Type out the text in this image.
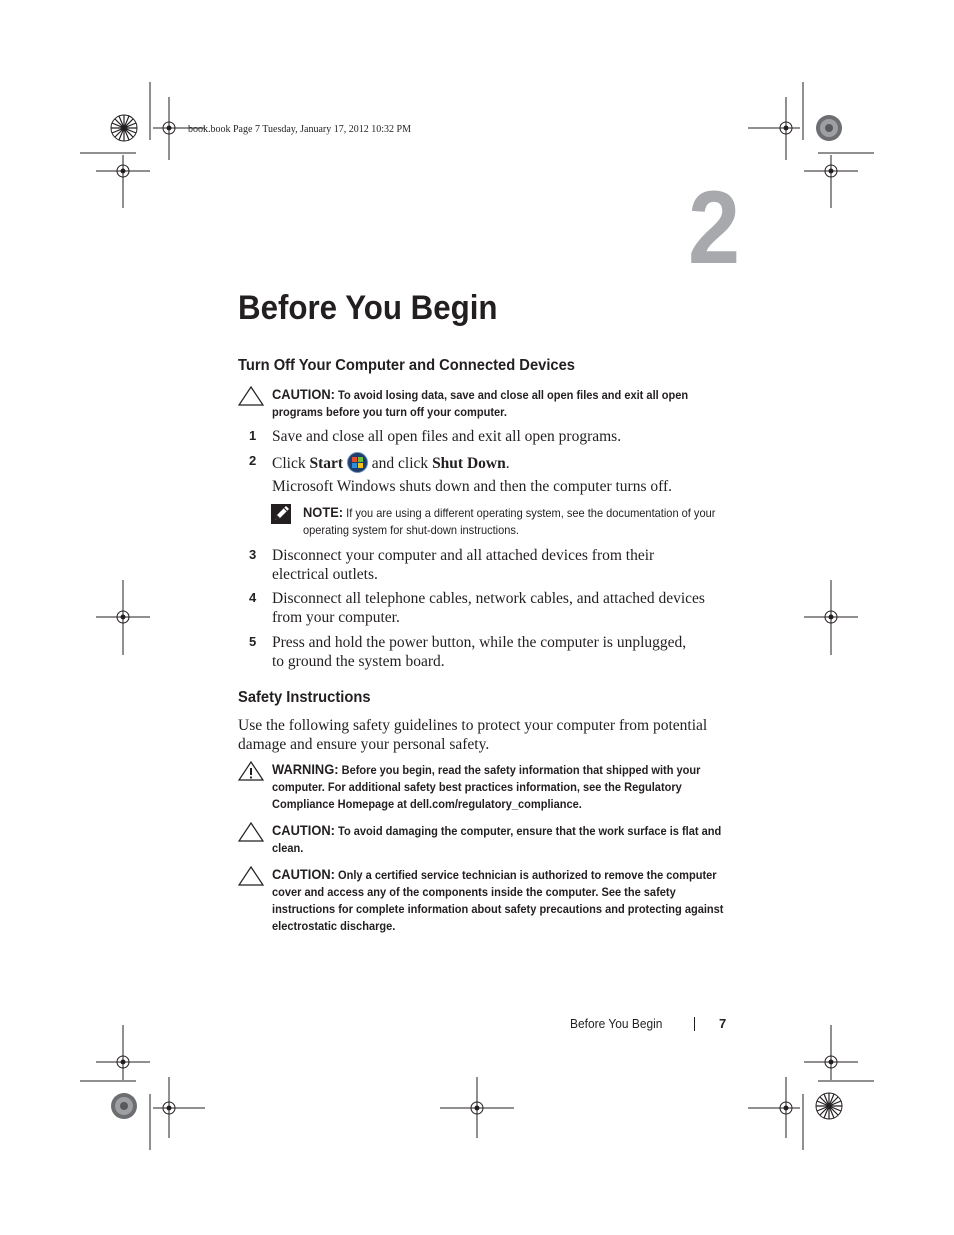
book.book Page 7 Tuesday, January 17, 2012 10:32 PM
2
Before You Begin
Turn Off Your Computer and Connected Devices
CAUTION: To avoid losing data, save and close all open files and exit all open programs before you turn off your computer.
1 Save and close all open files and exit all open programs.
2 Click Start  and click Shut Down.
Microsoft Windows shuts down and then the computer turns off.
NOTE: If you are using a different operating system, see the documentation of your operating system for shut-down instructions.
3 Disconnect your computer and all attached devices from their electrical outlets.
4 Disconnect all telephone cables, network cables, and attached devices from your computer.
5 Press and hold the power button, while the computer is unplugged, to ground the system board.
Safety Instructions
Use the following safety guidelines to protect your computer from potential damage and ensure your personal safety.
WARNING: Before you begin, read the safety information that shipped with your computer. For additional safety best practices information, see the Regulatory Compliance Homepage at dell.com/regulatory_compliance.
CAUTION: To avoid damaging the computer, ensure that the work surface is flat and clean.
CAUTION: Only a certified service technician is authorized to remove the computer cover and access any of the components inside the computer. See the safety instructions for complete information about safety precautions and protecting against electrostatic discharge.
Before You Begin	7
